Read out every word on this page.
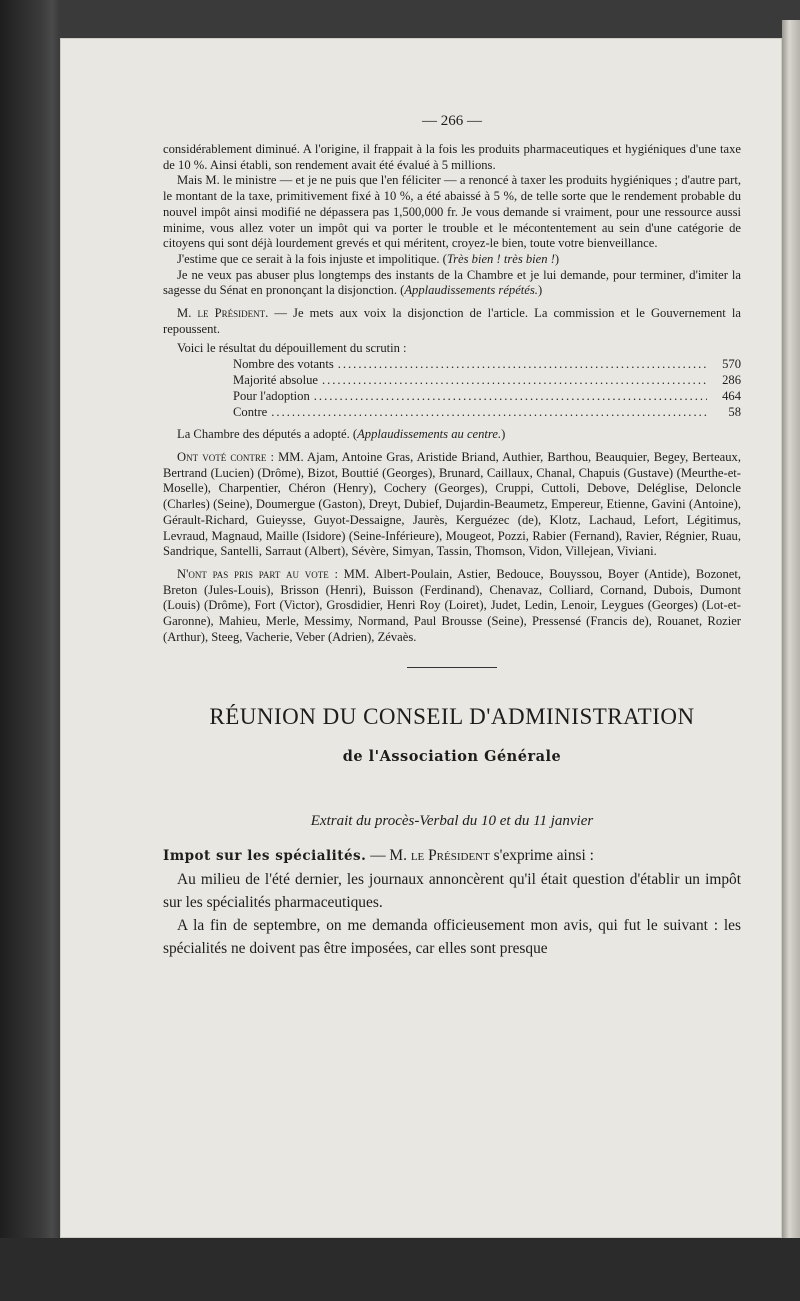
— 266 —

considérablement diminué. A l'origine, il frappait à la fois les produits pharmaceutiques et hygiéniques d'une taxe de 10 %. Ainsi établi, son rendement avait été évalué à 5 millions.

Mais M. le ministre — et je ne puis que l'en féliciter — a renoncé à taxer les produits hygiéniques ; d'autre part, le montant de la taxe, primitivement fixé à 10 %, a été abaissé à 5 %, de telle sorte que le rendement probable du nouvel impôt ainsi modifié ne dépassera pas 1,500,000 fr. Je vous demande si vraiment, pour une ressource aussi minime, vous allez voter un impôt qui va porter le trouble et le mécontentement au sein d'une catégorie de citoyens qui sont déjà lourdement grevés et qui méritent, croyez-le bien, toute votre bienveillance.

J'estime que ce serait à la fois injuste et impolitique. (Très bien ! très bien !)

Je ne veux pas abuser plus longtemps des instants de la Chambre et je lui demande, pour terminer, d'imiter la sagesse du Sénat en prononçant la disjonction. (Applaudissements répétés.)

M. le Président. — Je mets aux voix la disjonction de l'article. La commission et le Gouvernement la repoussent.

Voici le résultat du dépouillement du scrutin :

Nombre des votants .....	570
Majorité absolue .....	286
Pour l'adoption .....	464
Contre .....	58

La Chambre des députés a adopté. (Applaudissements au centre.)

Ont voté contre : MM. Ajam, Antoine Gras, Aristide Briand, Authier, Barthou, Beauquier, Begey, Berteaux, Bertrand (Lucien) (Drôme), Bizot, Bouttié (Georges), Brunard, Caillaux, Chanal, Chapuis (Gustave) (Meurthe-et-Moselle), Charpentier, Chéron (Henry), Cochery (Georges), Cruppi, Cuttoli, Debove, Deléglise, Deloncle (Charles) (Seine), Doumergue (Gaston), Dreyt, Dubief, Dujardin-Beaumetz, Empereur, Etienne, Gavini (Antoine), Gérault-Richard, Guieysse, Guyot-Dessaigne, Jaurès, Kerguézec (de), Klotz, Lachaud, Lefort, Légitimus, Levraud, Magnaud, Maille (Isidore) (Seine-Inférieure), Mougeot, Pozzi, Rabier (Fernand), Ravier, Régnier, Ruau, Sandrique, Santelli, Sarraut (Albert), Sévère, Simyan, Tassin, Thomson, Vidon, Villejean, Viviani.

N'ont pas pris part au vote : MM. Albert-Poulain, Astier, Bedouce, Bouyssou, Boyer (Antide), Bozonet, Breton (Jules-Louis), Brisson (Henri), Buisson (Ferdinand), Chenavaz, Colliard, Cornand, Dubois, Dumont (Louis) (Drôme), Fort (Victor), Grosdidier, Henri Roy (Loiret), Judet, Ledin, Lenoir, Leygues (Georges) (Lot-et-Garonne), Mahieu, Merle, Messimy, Normand, Paul Brousse (Seine), Pressensé (Francis de), Rouanet, Rozier (Arthur), Steeg, Vacherie, Veber (Adrien), Zévaès.

RÉUNION DU CONSEIL D'ADMINISTRATION
de l'Association Générale
Extrait du procès-Verbal du 10 et du 11 janvier

Impot sur les spécialités. — M. le Président s'exprime ainsi :

Au milieu de l'été dernier, les journaux annoncèrent qu'il était question d'établir un impôt sur les spécialités pharmaceutiques.

A la fin de septembre, on me demanda officieusement mon avis, qui fut le suivant : les spécialités ne doivent pas être imposées, car elles sont presque
